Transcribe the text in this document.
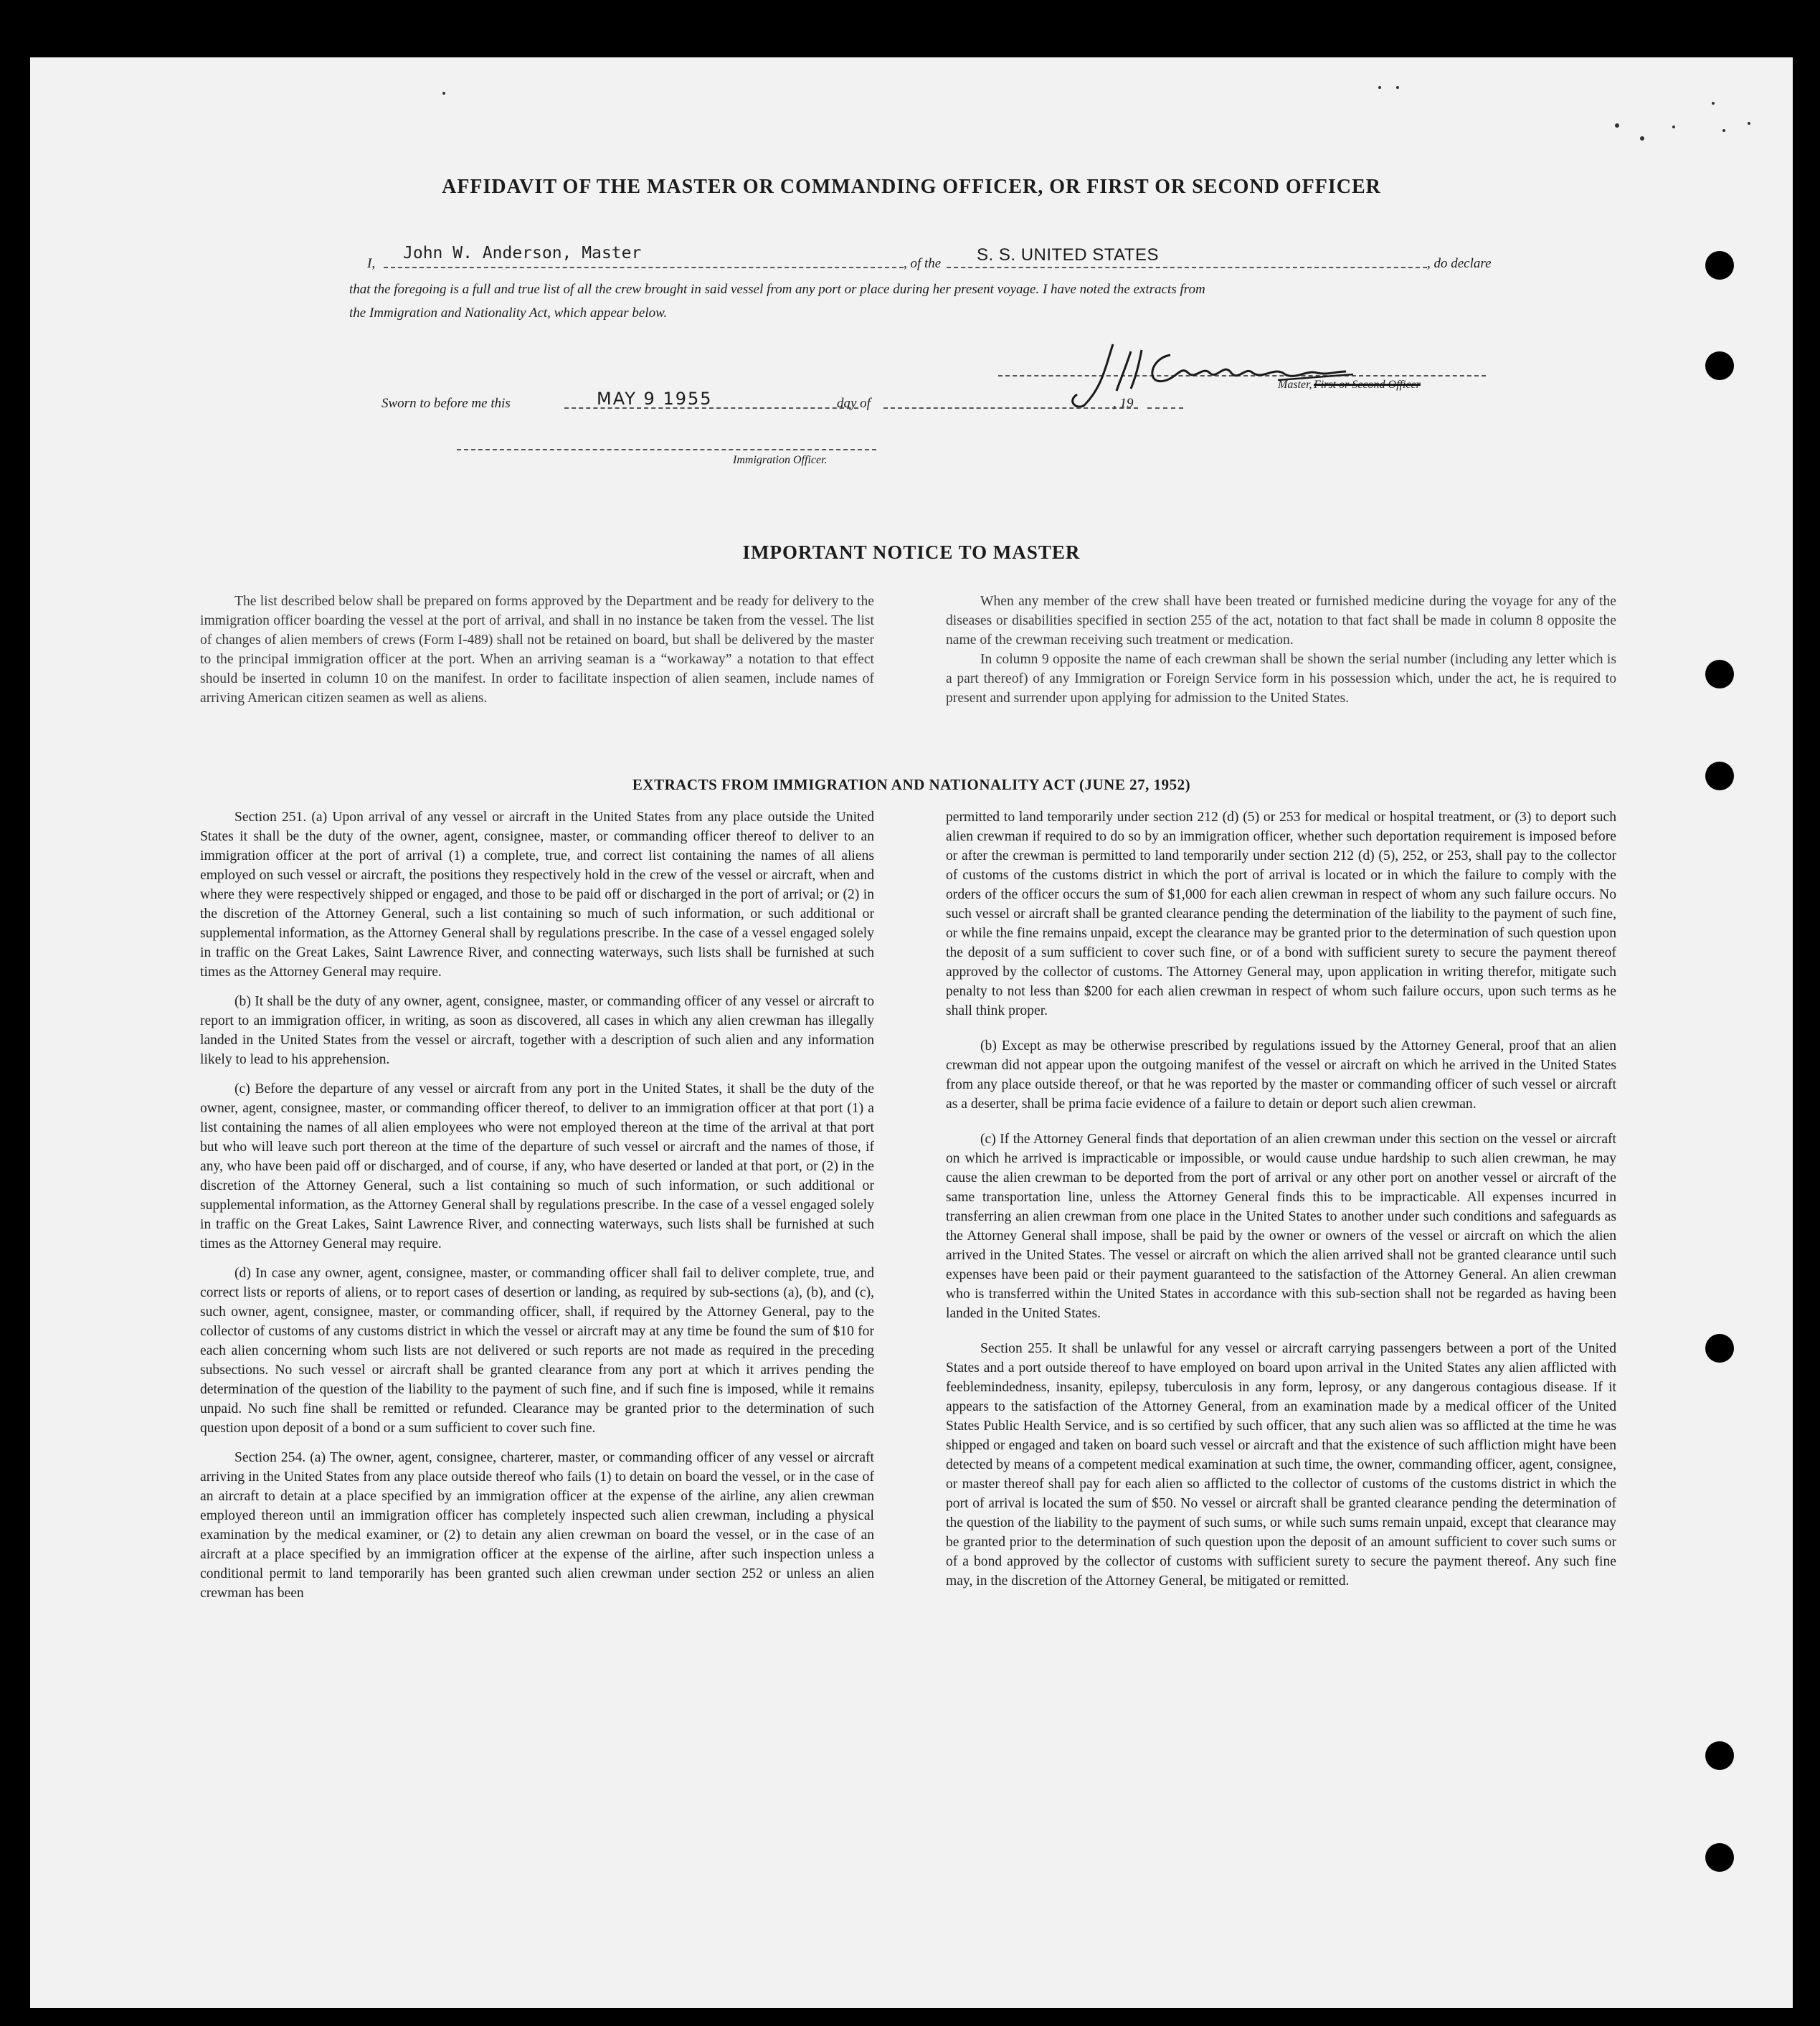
AFFIDAVIT OF THE MASTER OR COMMANDING OFFICER, OR FIRST OR SECOND OFFICER
I,
John W. Anderson, Master
, of the S. S. UNITED STATES	, do declare
that the foregoing is a full and true list of all the crew brought in said vessel from any port or place during her present voyage. I have noted the extracts from
the Immigration and Nationality Act, which appear below.
Master, First or Second Officer
Sworn to before me this	MAY 9 1955	day of	, 19
Immigration Officer.
IMPORTANT NOTICE TO MASTER

The list described below shall be prepared on forms approved by the Department and be ready for delivery to the immigration officer boarding the vessel at the port of arrival, and shall in no instance be taken from the vessel. The list of changes of alien members of crews (Form I-489) shall not be retained on board, but shall be delivered by the master to the principal immigration officer at the port. When an arriving seaman is a “workaway” a notation to that effect should be inserted in column 10 on the manifest. In order to facilitate inspection of alien seamen, include names of arriving American citizen seamen as well as aliens.

When any member of the crew shall have been treated or furnished medicine during the voyage for any of the diseases or disabilities specified in section 255 of the act, notation to that fact shall be made in column 8 opposite the name of the crewman receiving such treatment or medication.

In column 9 opposite the name of each crewman shall be shown the serial number (including any letter which is a part thereof) of any Immigration or Foreign Service form in his possession which, under the act, he is required to present and surrender upon applying for admission to the United States.

EXTRACTS FROM IMMIGRATION AND NATIONALITY ACT (JUNE 27, 1952)

Section 251. (a) Upon arrival of any vessel or aircraft in the United States from any place outside the United States it shall be the duty of the owner, agent, consignee, master, or commanding officer thereof to deliver to an immigration officer at the port of arrival (1) a complete, true, and correct list containing the names of all aliens employed on such vessel or aircraft, the positions they respectively hold in the crew of the vessel or aircraft, when and where they were respectively shipped or engaged, and those to be paid off or discharged in the port of arrival; or (2) in the discretion of the Attorney General, such a list containing so much of such information, or such additional or supplemental information, as the Attorney General shall by regulations prescribe. In the case of a vessel engaged solely in traffic on the Great Lakes, Saint Lawrence River, and connecting waterways, such lists shall be furnished at such times as the Attorney General may require.

(b) It shall be the duty of any owner, agent, consignee, master, or commanding officer of any vessel or aircraft to report to an immigration officer, in writing, as soon as discovered, all cases in which any alien crewman has illegally landed in the United States from the vessel or aircraft, together with a description of such alien and any information likely to lead to his apprehension.

(c) Before the departure of any vessel or aircraft from any port in the United States, it shall be the duty of the owner, agent, consignee, master, or commanding officer thereof, to deliver to an immigration officer at that port (1) a list containing the names of all alien employees who were not employed thereon at the time of the arrival at that port but who will leave such port thereon at the time of the departure of such vessel or aircraft and the names of those, if any, who have been paid off or discharged, and of course, if any, who have deserted or landed at that port, or (2) in the discretion of the Attorney General, such a list containing so much of such information, or such additional or supplemental information, as the Attorney General shall by regulations prescribe. In the case of a vessel engaged solely in traffic on the Great Lakes, Saint Lawrence River, and connecting waterways, such lists shall be furnished at such times as the Attorney General may require.

(d) In case any owner, agent, consignee, master, or commanding officer shall fail to deliver complete, true, and correct lists or reports of aliens, or to report cases of desertion or landing, as required by sub-sections (a), (b), and (c), such owner, agent, consignee, master, or commanding officer, shall, if required by the Attorney General, pay to the collector of customs of any customs district in which the vessel or aircraft may at any time be found the sum of $10 for each alien concerning whom such lists are not delivered or such reports are not made as required in the preceding subsections. No such vessel or aircraft shall be granted clearance from any port at which it arrives pending the determination of the question of the liability to the payment of such fine, and if such fine is imposed, while it remains unpaid. No such fine shall be remitted or refunded. Clearance may be granted prior to the determination of such question upon deposit of a bond or a sum sufficient to cover such fine.

Section 254. (a) The owner, agent, consignee, charterer, master, or commanding officer of any vessel or aircraft arriving in the United States from any place outside thereof who fails (1) to detain on board the vessel, or in the case of an aircraft to detain at a place specified by an immigration officer at the expense of the airline, any alien crewman employed thereon until an immigration officer has completely inspected such alien crewman, including a physical examination by the medical examiner, or (2) to detain any alien crewman on board the vessel, or in the case of an aircraft at a place specified by an immigration officer at the expense of the airline, after such inspection unless a conditional permit to land temporarily has been granted such alien crewman under section 252 or unless an alien crewman has been

permitted to land temporarily under section 212 (d) (5) or 253 for medical or hospital treatment, or (3) to deport such alien crewman if required to do so by an immigration officer, whether such deportation requirement is imposed before or after the crewman is permitted to land temporarily under section 212 (d) (5), 252, or 253, shall pay to the collector of customs of the customs district in which the port of arrival is located or in which the failure to comply with the orders of the officer occurs the sum of $1,000 for each alien crewman in respect of whom any such failure occurs. No such vessel or aircraft shall be granted clearance pending the determination of the liability to the payment of such fine, or while the fine remains unpaid, except the clearance may be granted prior to the determination of such question upon the deposit of a sum sufficient to cover such fine, or of a bond with sufficient surety to secure the payment thereof approved by the collector of customs. The Attorney General may, upon application in writing therefor, mitigate such penalty to not less than $200 for each alien crewman in respect of whom such failure occurs, upon such terms as he shall think proper.

(b) Except as may be otherwise prescribed by regulations issued by the Attorney General, proof that an alien crewman did not appear upon the outgoing manifest of the vessel or aircraft on which he arrived in the United States from any place outside thereof, or that he was reported by the master or commanding officer of such vessel or aircraft as a deserter, shall be prima facie evidence of a failure to detain or deport such alien crewman.

(c) If the Attorney General finds that deportation of an alien crewman under this section on the vessel or aircraft on which he arrived is impracticable or impossible, or would cause undue hardship to such alien crewman, he may cause the alien crewman to be deported from the port of arrival or any other port on another vessel or aircraft of the same transportation line, unless the Attorney General finds this to be impracticable. All expenses incurred in transferring an alien crewman from one place in the United States to another under such conditions and safeguards as the Attorney General shall impose, shall be paid by the owner or owners of the vessel or aircraft on which the alien arrived in the United States. The vessel or aircraft on which the alien arrived shall not be granted clearance until such expenses have been paid or their payment guaranteed to the satisfaction of the Attorney General. An alien crewman who is transferred within the United States in accordance with this sub-section shall not be regarded as having been landed in the United States.

Section 255. It shall be unlawful for any vessel or aircraft carrying passengers between a port of the United States and a port outside thereof to have employed on board upon arrival in the United States any alien afflicted with feeblemindedness, insanity, epilepsy, tuberculosis in any form, leprosy, or any dangerous contagious disease. If it appears to the satisfaction of the Attorney General, from an examination made by a medical officer of the United States Public Health Service, and is so certified by such officer, that any such alien was so afflicted at the time he was shipped or engaged and taken on board such vessel or aircraft and that the existence of such affliction might have been detected by means of a competent medical examination at such time, the owner, commanding officer, agent, consignee, or master thereof shall pay for each alien so afflicted to the collector of customs of the customs district in which the port of arrival is located the sum of $50. No vessel or aircraft shall be granted clearance pending the determination of the question of the liability to the payment of such sums, or while such sums remain unpaid, except that clearance may be granted prior to the determination of such question upon the deposit of an amount sufficient to cover such sums or of a bond approved by the collector of customs with sufficient surety to secure the payment thereof. Any such fine may, in the discretion of the Attorney General, be mitigated or remitted.
